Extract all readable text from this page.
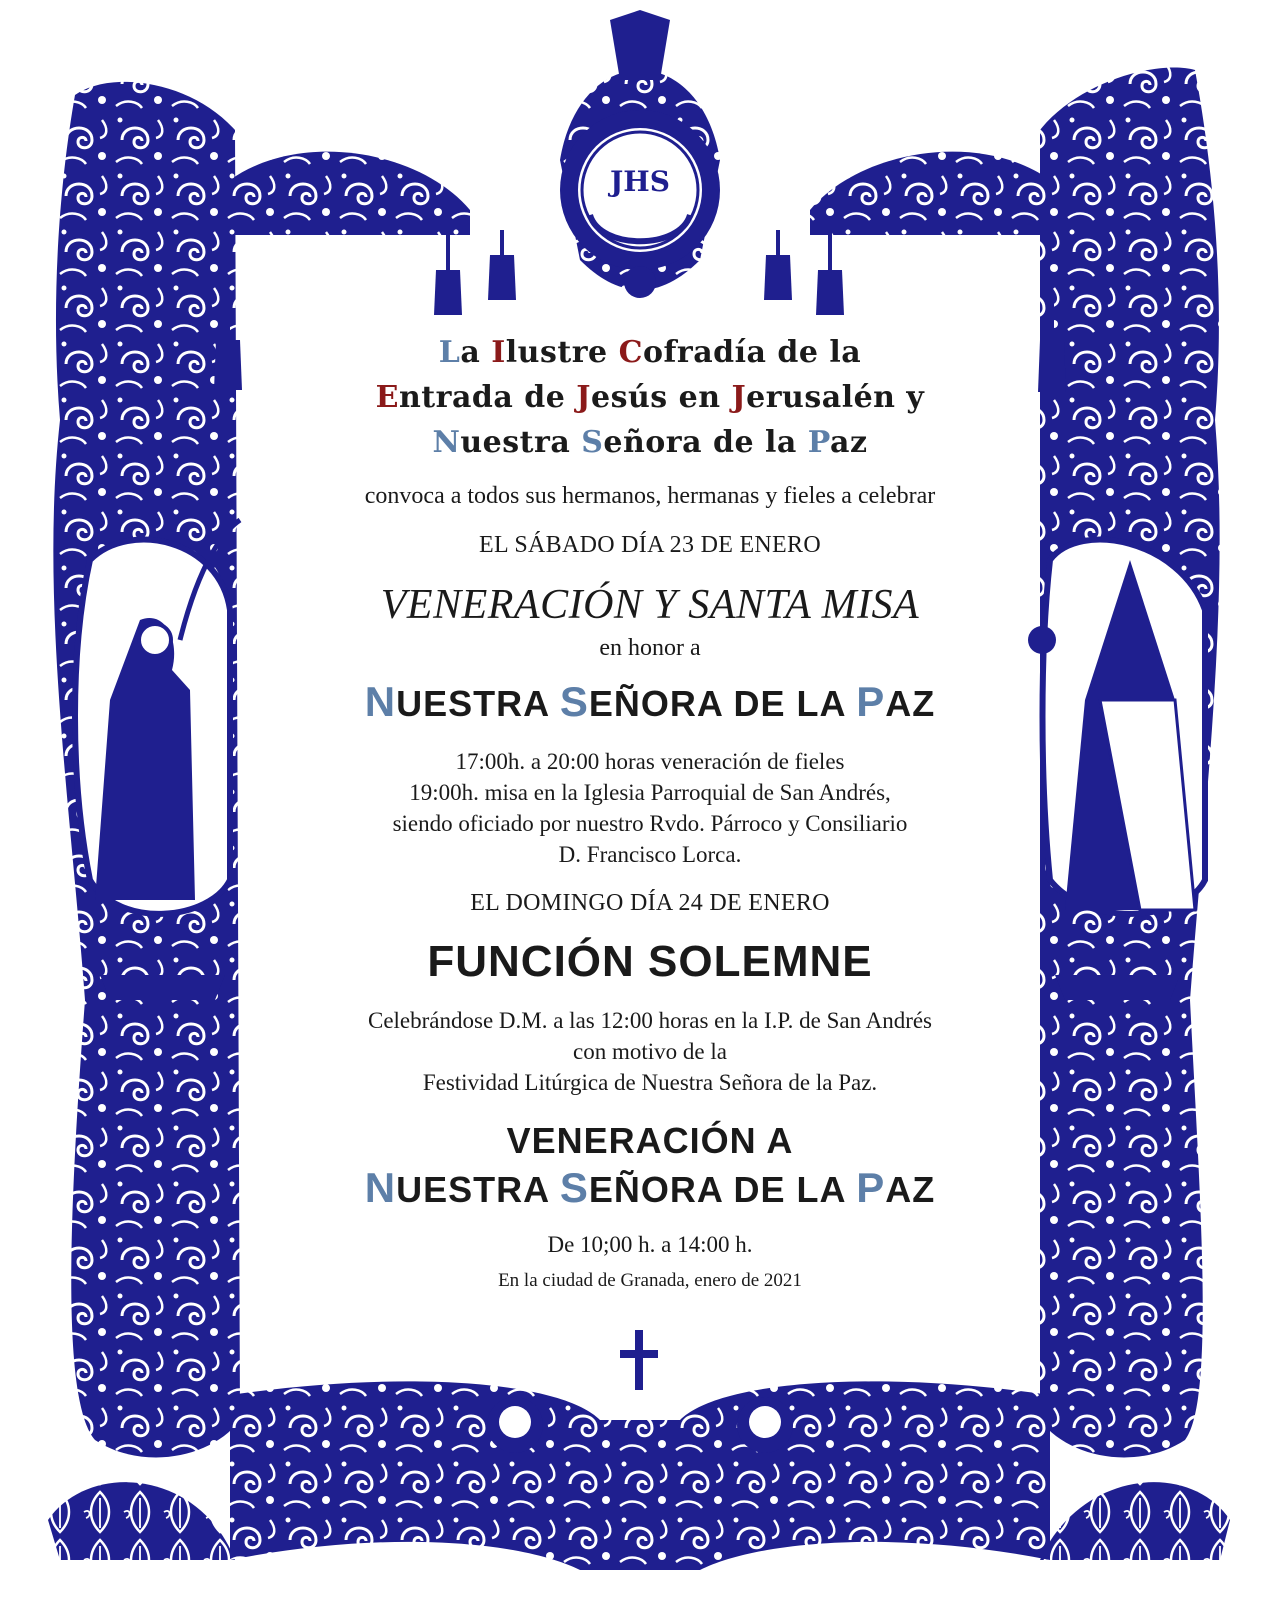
JHS
La Ilustre Cofradía de la
Entrada de Jesús en Jerusalén y
Nuestra Señora de la Paz
convoca a todos sus hermanos, hermanas y fieles a celebrar
EL SÁBADO DÍA 23 DE ENERO
VENERACIÓN Y SANTA MISA
en honor a
NUESTRA SEÑORA DE LA PAZ
17:00h. a 20:00 horas veneración de fieles
19:00h. misa en la Iglesia Parroquial de San Andrés,
siendo oficiado por nuestro Rvdo. Párroco y Consiliario
D. Francisco Lorca.
EL DOMINGO DÍA 24 DE ENERO
FUNCIÓN SOLEMNE
Celebrándose D.M. a las 12:00 horas en la I.P. de San Andrés
con motivo de la
Festividad Litúrgica de Nuestra Señora de la Paz.
VENERACIÓN A
NUESTRA SEÑORA DE LA PAZ
De 10;00 h. a 14:00 h.
En la ciudad de Granada, enero de 2021
